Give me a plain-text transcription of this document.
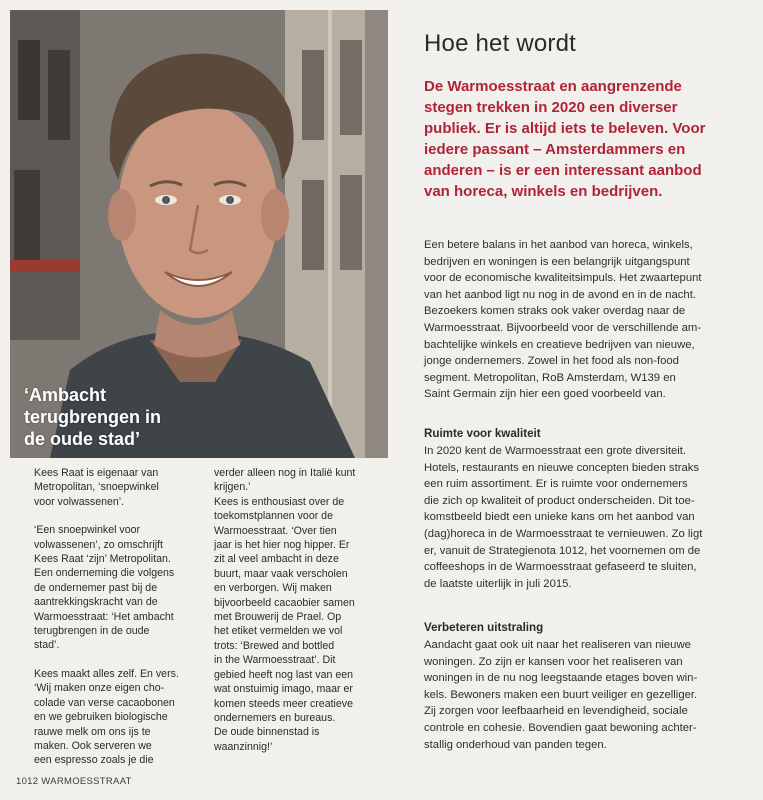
‘Ambacht
terugbrengen in
de oude stad’

Kees Raat is eigenaar van
Metropolitan, ‘snoepwinkel
voor volwassenen’.

‘Een snoepwinkel voor
volwassenen’, zo omschrijft
Kees Raat ‘zijn’ Metropolitan.
Een onderneming die volgens
de ondernemer past bij de
aantrekkingskracht van de
Warmoesstraat: ‘Het ambacht
terugbrengen in de oude
stad’.

Kees maakt alles zelf. En vers.
‘Wij maken onze eigen cho-
colade van verse cacaobonen
en we gebruiken biologische
rauwe melk om ons ijs te
maken. Ook serveren we
een espresso zoals je die

verder alleen nog in Italië kunt
krijgen.’

Kees is enthousiast over de
toekomstplannen voor de
Warmoesstraat. ‘Over tien
jaar is het hier nog hipper. Er
zit al veel ambacht in deze
buurt, maar vaak verscholen
en verborgen. Wij maken
bijvoorbeeld cacaobier samen
met Brouwerij de Prael. Op
het etiket vermelden we vol
trots: ‘Brewed and bottled
in the Warmoesstraat’. Dit
gebied heeft nog last van een
wat onstuimig imago, maar er
komen steeds meer creatieve
ondernemers en bureaus.
De oude binnenstad is
waanzinnig!’

1012 WARMOESSTRAAT
Hoe het wordt

De Warmoesstraat en aangrenzende
stegen trekken in 2020 een diverser
publiek. Er is altijd iets te beleven. Voor
iedere passant – Amsterdammers en
anderen – is er een interessant aanbod
van horeca, winkels en bedrijven.

Een betere balans in het aanbod van horeca, winkels,
bedrijven en woningen is een belangrijk uitgangspunt
voor de economische kwaliteitsimpuls. Het zwaartepunt
van het aanbod ligt nu nog in de avond en in de nacht.
Bezoekers komen straks ook vaker overdag naar de
Warmoesstraat. Bijvoorbeeld voor de verschillende am-
bachtelijke winkels en creatieve bedrijven van nieuwe,
jonge ondernemers. Zowel in het food als non-food
segment. Metropolitan, RoB Amsterdam, W139 en
Saint Germain zijn hier een goed voorbeeld van.

Ruimte voor kwaliteit

In 2020 kent de Warmoesstraat een grote diversiteit.
Hotels, restaurants en nieuwe concepten bieden straks
een ruim assortiment. Er is ruimte voor ondernemers
die zich op kwaliteit of product onderscheiden. Dit toe-
komstbeeld biedt een unieke kans om het aanbod van
(dag)horeca in de Warmoesstraat te vernieuwen. Zo ligt
er, vanuit de Strategienota 1012, het voornemen om de
coffeeshops in de Warmoesstraat gefaseerd te sluiten,
de laatste uiterlijk in juli 2015.

Verbeteren uitstraling

Aandacht gaat ook uit naar het realiseren van nieuwe
woningen. Zo zijn er kansen voor het realiseren van
woningen in de nu nog leegstaande etages boven win-
kels. Bewoners maken een buurt veiliger en gezelliger.
Zij zorgen voor leefbaarheid en levendigheid, sociale
controle en cohesie. Bovendien gaat bewoning achter-
stallig onderhoud van panden tegen.
